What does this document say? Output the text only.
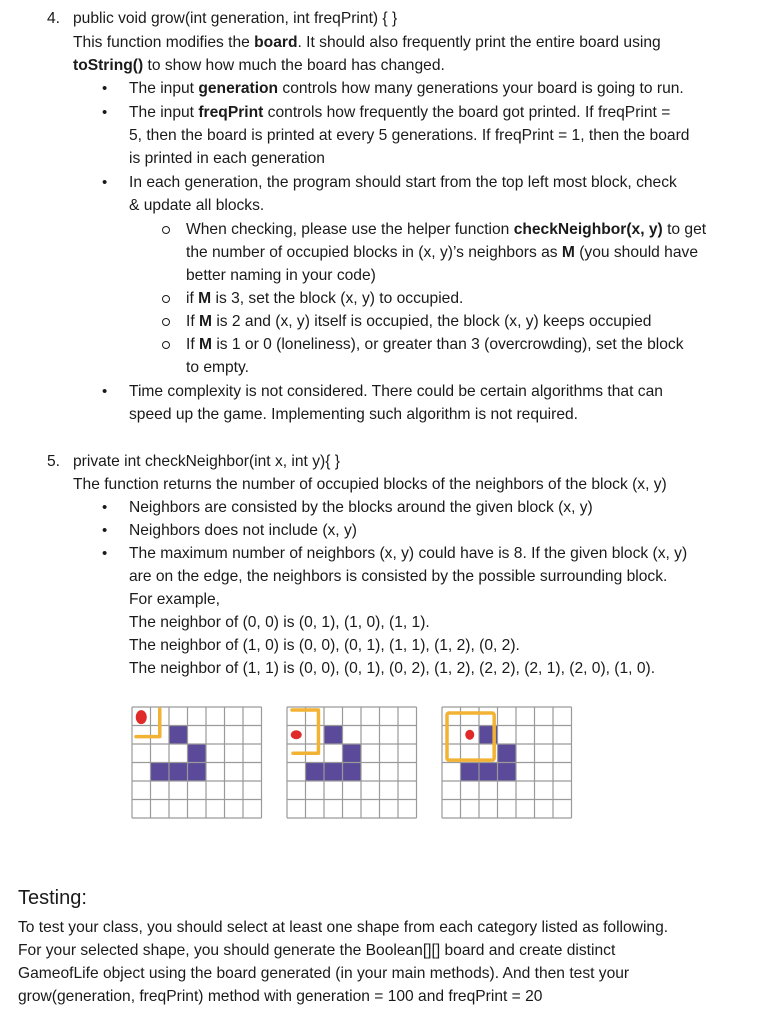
4. public void grow(int generation, int freqPrint) { }
This function modifies the board. It should also frequently print the entire board using
toString() to show how much the board has changed.
• The input generation controls how many generations your board is going to run.
• The input freqPrint controls how frequently the board got printed. If freqPrint =
5, then the board is printed at every 5 generations. If freqPrint = 1, then the board
is printed in each generation
• In each generation, the program should start from the top left most block, check
& update all blocks.
When checking, please use the helper function checkNeighbor(x, y) to get
the number of occupied blocks in (x, y)’s neighbors as M (you should have
better naming in your code)
if M is 3, set the block (x, y) to occupied.
If M is 2 and (x, y) itself is occupied, the block (x, y) keeps occupied
If M is 1 or 0 (loneliness), or greater than 3 (overcrowding), set the block
to empty.
• Time complexity is not considered. There could be certain algorithms that can
speed up the game. Implementing such algorithm is not required.
5. private int checkNeighbor(int x, int y){ }
The function returns the number of occupied blocks of the neighbors of the block (x, y)
• Neighbors are consisted by the blocks around the given block (x, y)
• Neighbors does not include (x, y)
• The maximum number of neighbors (x, y) could have is 8. If the given block (x, y)
are on the edge, the neighbors is consisted by the possible surrounding block.
For example,
The neighbor of (0, 0) is (0, 1), (1, 0), (1, 1).
The neighbor of (1, 0) is (0, 0), (0, 1), (1, 1), (1, 2), (0, 2).
The neighbor of (1, 1) is (0, 0), (0, 1), (0, 2), (1, 2), (2, 2), (2, 1), (2, 0), (1, 0).
Testing:
To test your class, you should select at least one shape from each category listed as following.
For your selected shape, you should generate the Boolean[][] board and create distinct
GameofLife object using the board generated (in your main methods). And then test your
grow(generation, freqPrint) method with generation = 100 and freqPrint = 20
